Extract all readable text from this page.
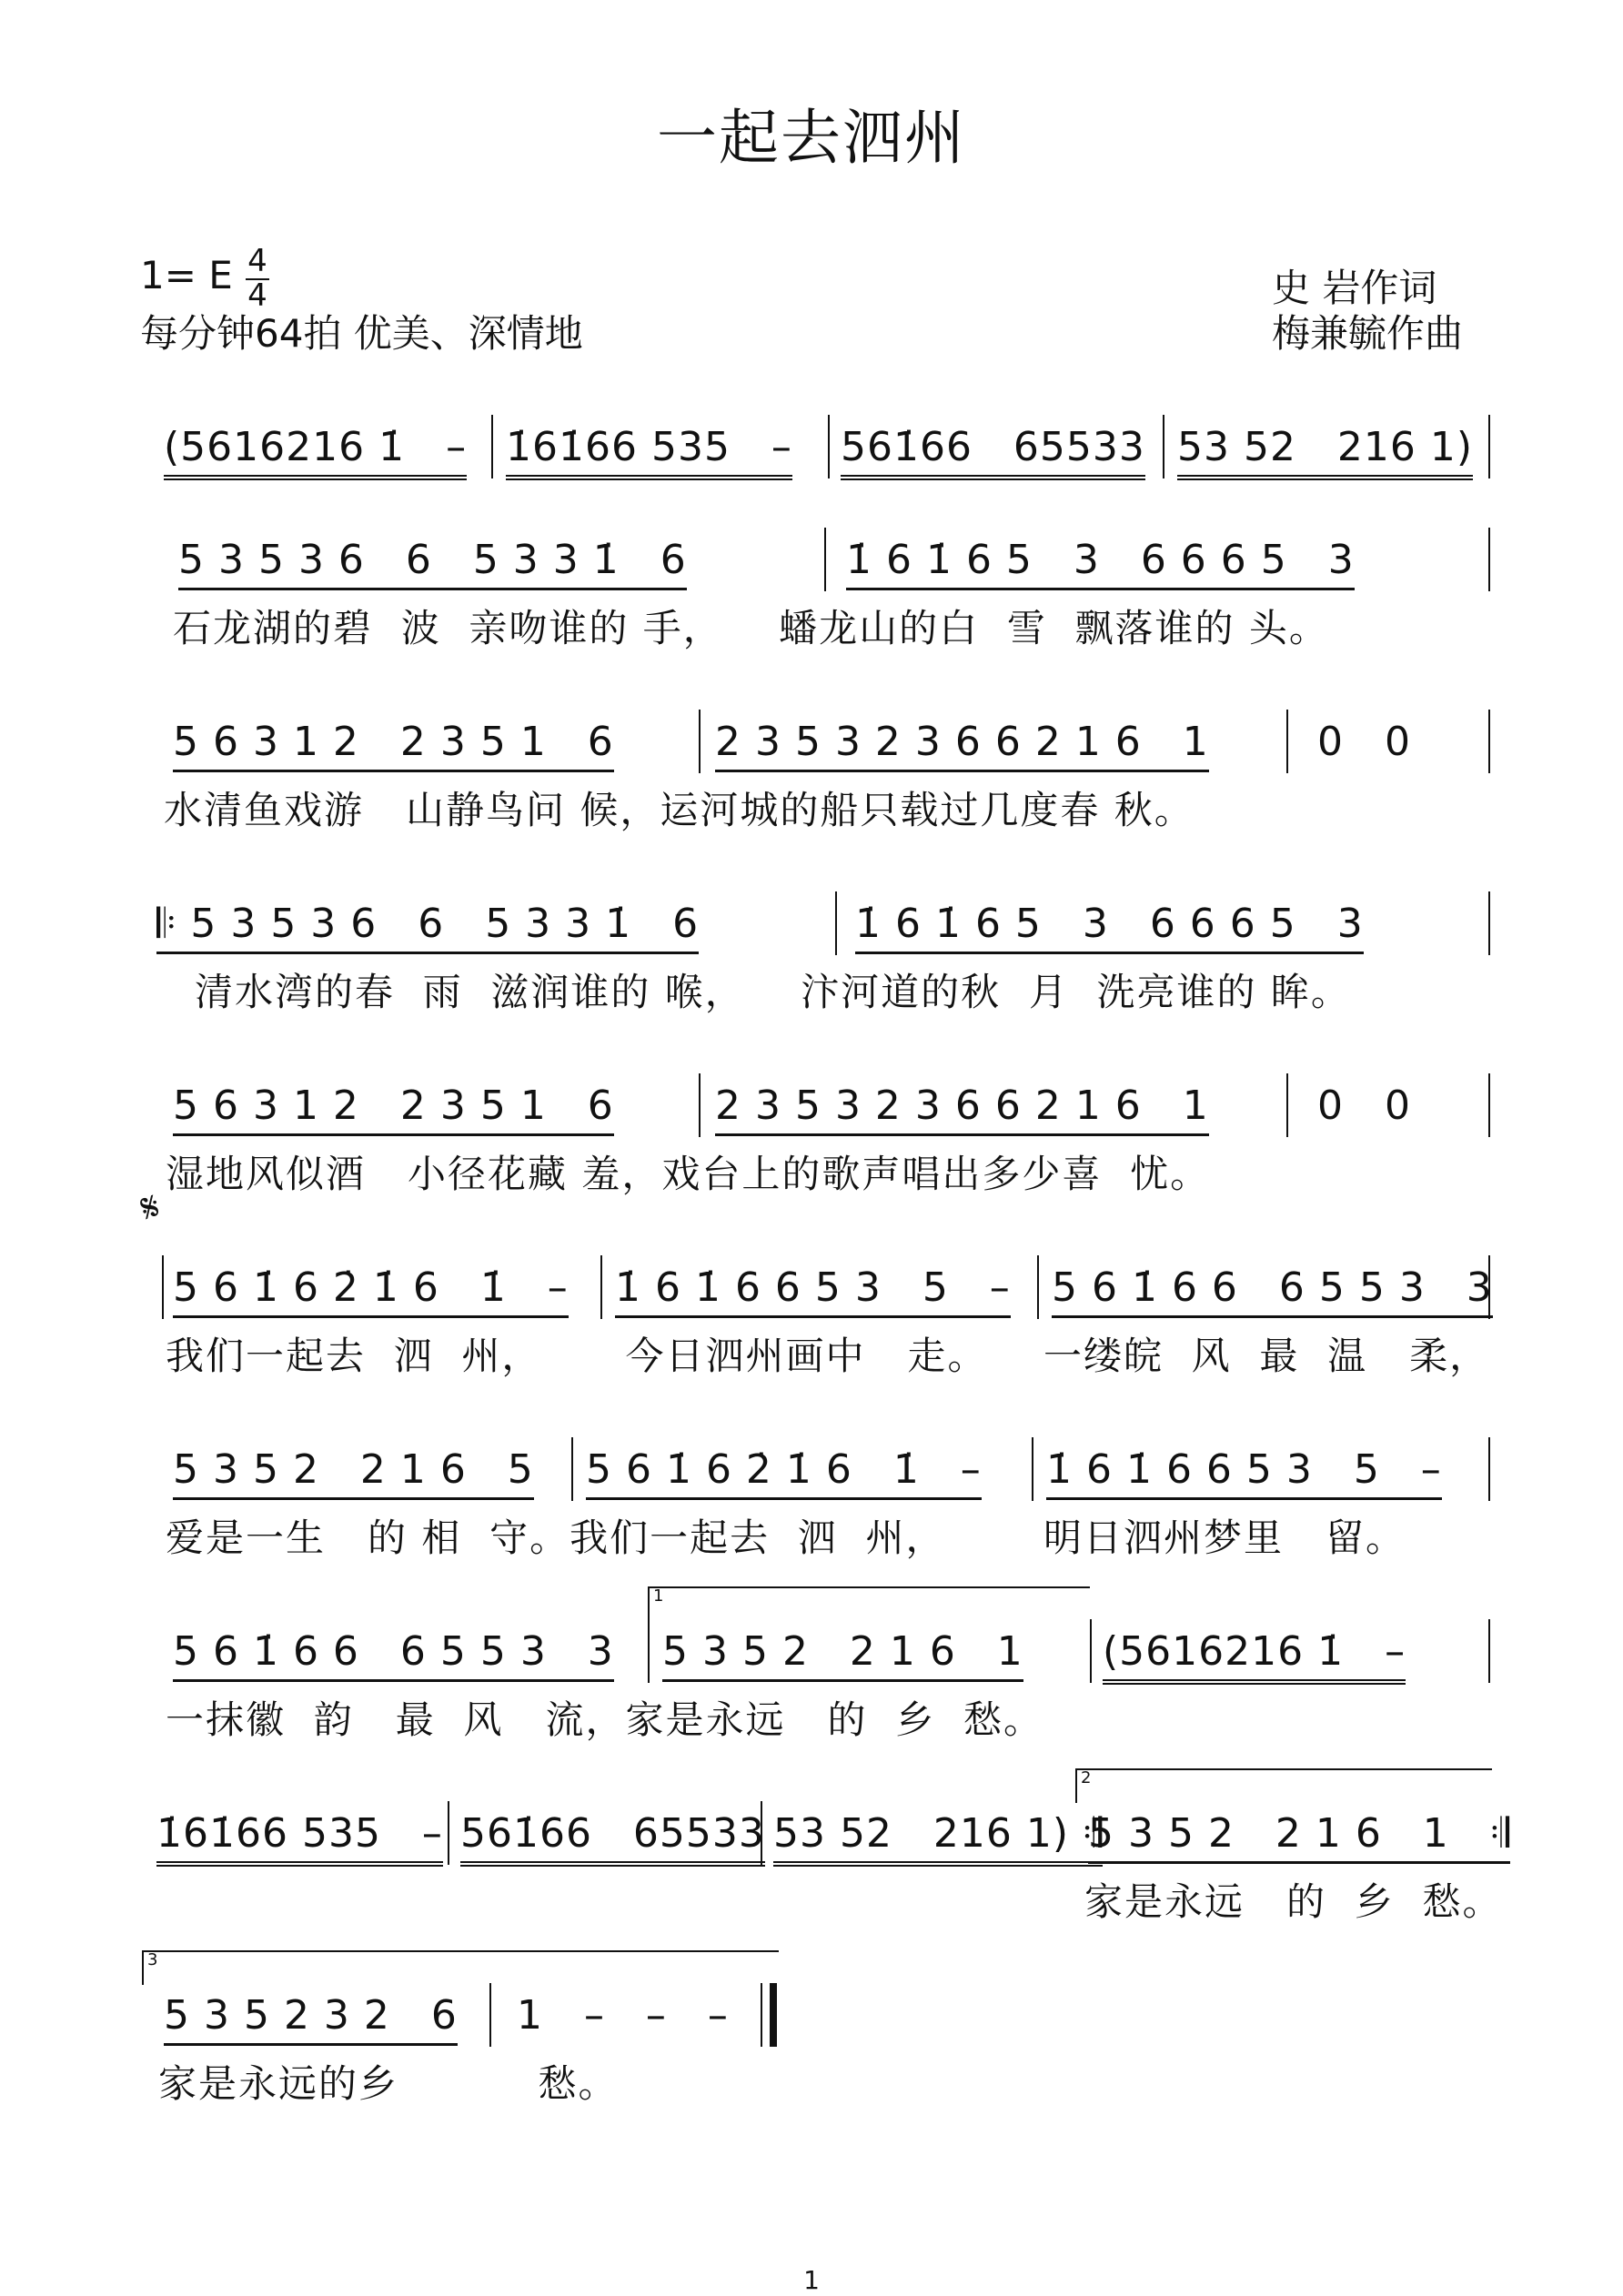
一起去泗州
1= E 4
4
每分钟64拍 优美、深情地
史 岩作词
梅兼毓作曲
(5616216 1̇   – 1̇61̇66 535   – 561̇66   65533 53 52   216 1)
5 3 5 3 6   6   5 3 3 1̇   6	1̇ 6 1̇ 6 5   3   6 6 6 5   3
石龙湖的碧  波  亲吻谁的 手，    蟠龙山的白  雪  飘落谁的 头。
5 6 3 1 2   2 3 5 1   6	2 3 5 3 2 3 6 6 2 1 6   1	0   0
水清鱼戏游   山静鸟问 候，运河城的船只载过几度春 秋。
𝄆 5 3 5 3 6   6   5 3 3 1̇   6	1̇ 6 1̇ 6 5   3   6 6 6 5   3
清水湾的春  雨  滋润谁的 喉，    汴河道的秋  月  洗亮谁的 眸。
5 6 3 1 2   2 3 5 1   6	2 3 5 3 2 3 6 6 2 1 6   1	0   0
湿地风似酒   小径花藏 羞，戏台上的歌声唱出多少喜  忧。
𝄋
5 6 1̇ 6 2̇ 1̇ 6   1̇   – 1̇ 6 1̇ 6 6 5 3   5   – 5 6 1̇ 6 6   6 5 5 3   3
我们一起去  泗  州，      今日泗州画中   走。    一缕皖  风  最  温   柔，
5 3 5 2   2 1 6   5 5 6 1̇ 6 2̇ 1̇ 6   1̇   – 1̇ 6 1̇ 6 6 5 3   5   –
爱是一生   的 相  守。我们一起去  泗  州，       明日泗州梦里   留。
1
5 6 1̇ 6 6   6 5 5 3   3 5 3 5 2   2 1 6   1 (5616216 1̇   –
一抹徽  韵   最  风   流，家是永远   的  乡  愁。
2
1̇61̇66 535   – 561̇66   65533 53 52   216 1) 𝄇
5 3 5 2   2 1 6   1   𝄇
家是永远   的  乡  愁。
3
5 3 5 2 3 2   6 1   –   –   –
家是永远的乡          愁。
1
